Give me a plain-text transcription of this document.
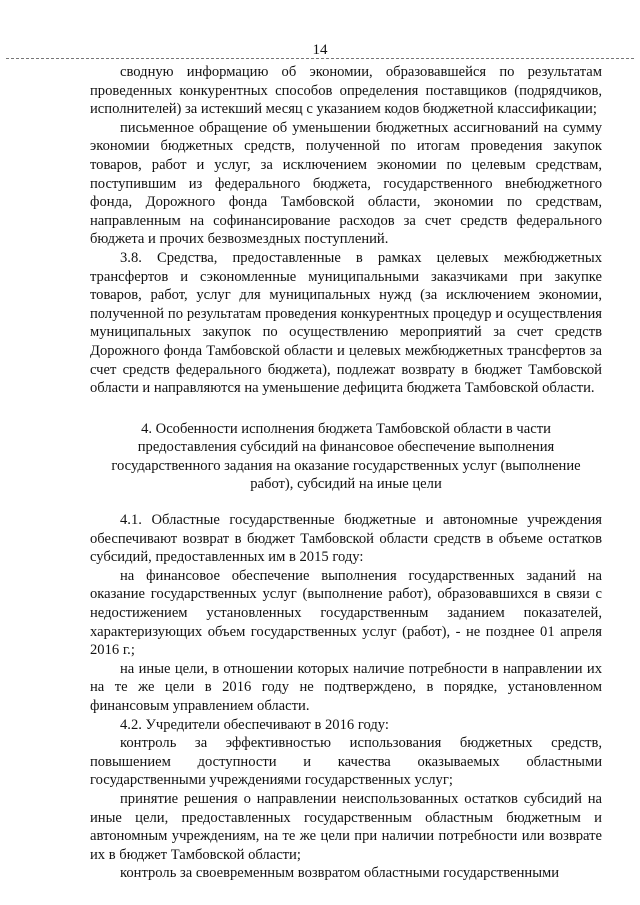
14

сводную информацию об экономии, образовавшейся по результатам проведенных конкурентных способов определения поставщиков (подрядчиков, исполнителей) за истекший месяц с указанием кодов бюджетной классификации;

письменное обращение об уменьшении бюджетных ассигнований на сумму экономии бюджетных средств, полученной по итогам проведения закупок товаров, работ и услуг, за исключением экономии по целевым средствам, поступившим из федерального бюджета, государственного внебюджетного фонда, Дорожного фонда Тамбовской области, экономии по средствам, направленным на софинансирование расходов за счет средств федерального бюджета и прочих безвозмездных поступлений.

3.8. Средства, предоставленные в рамках целевых межбюджетных трансфертов и сэкономленные муниципальными заказчиками при закупке товаров, работ, услуг для муниципальных нужд (за исключением экономии, полученной по результатам проведения конкурентных процедур и осуществления муниципальных закупок по осуществлению мероприятий за счет средств Дорожного фонда Тамбовской области и целевых межбюджетных трансфертов за счет средств федерального бюджета), подлежат возврату в бюджет Тамбовской области и направляются на уменьшение дефицита бюджета Тамбовской области.

4. Особенности исполнения бюджета Тамбовской области в части предоставления субсидий на финансовое обеспечение выполнения государственного задания на оказание государственных услуг (выполнение работ), субсидий на иные цели

4.1. Областные государственные бюджетные и автономные учреждения обеспечивают возврат в бюджет Тамбовской области средств в объеме остатков субсидий, предоставленных им в 2015 году:

на финансовое обеспечение выполнения государственных заданий на оказание государственных услуг (выполнение работ), образовавшихся в связи с недостижением установленных государственным заданием показателей, характеризующих объем государственных услуг (работ), - не позднее 01 апреля 2016 г.;

на иные цели, в отношении которых наличие потребности в направлении их на те же цели в 2016 году не подтверждено, в порядке, установленном финансовым управлением области.

4.2. Учредители обеспечивают в 2016 году:

контроль за эффективностью использования бюджетных средств, повышением доступности и качества оказываемых областными государственными учреждениями государственных услуг;

принятие решения о направлении неиспользованных остатков субсидий на иные цели, предоставленных государственным областным бюджетным и автономным учреждениям, на те же цели при наличии потребности или возврате их в бюджет Тамбовской области;

контроль за своевременным возвратом областными государственными
